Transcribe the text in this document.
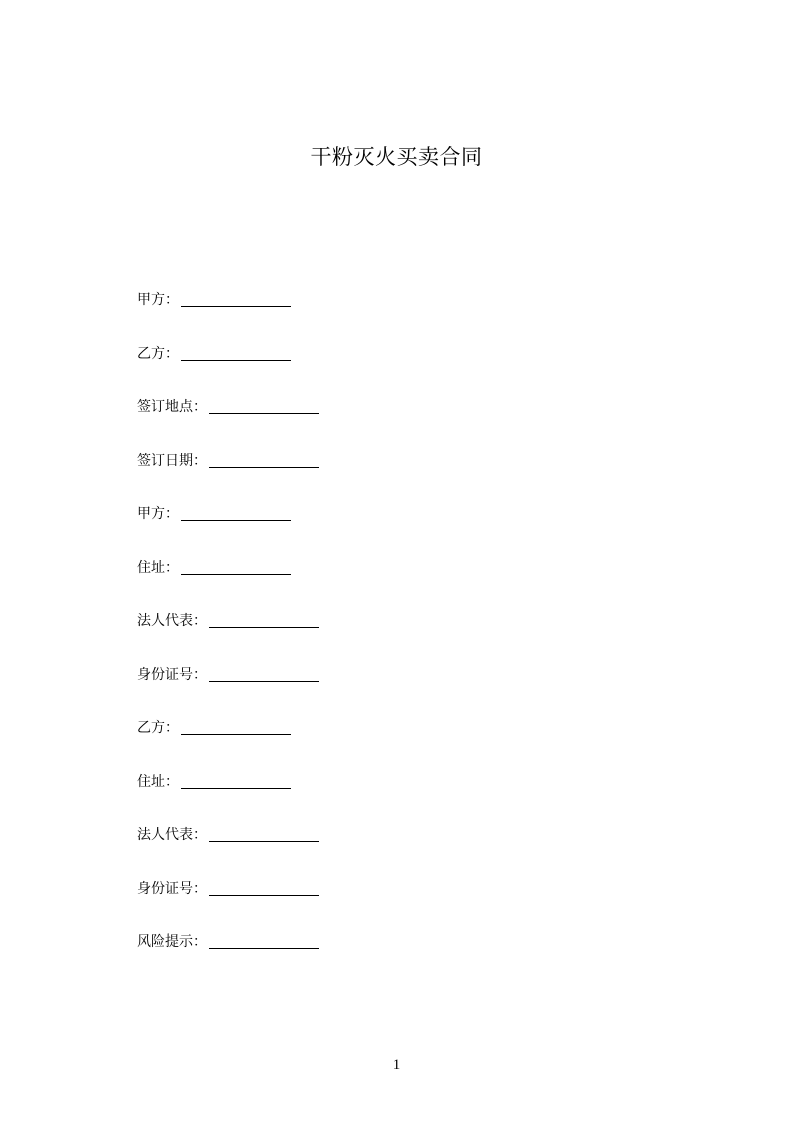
干粉灭火买卖合同
甲方：
乙方：
签订地点：
签订日期：
甲方：
住址：
法人代表：
身份证号：
乙方：
住址：
法人代表：
身份证号：
风险提示：
1
